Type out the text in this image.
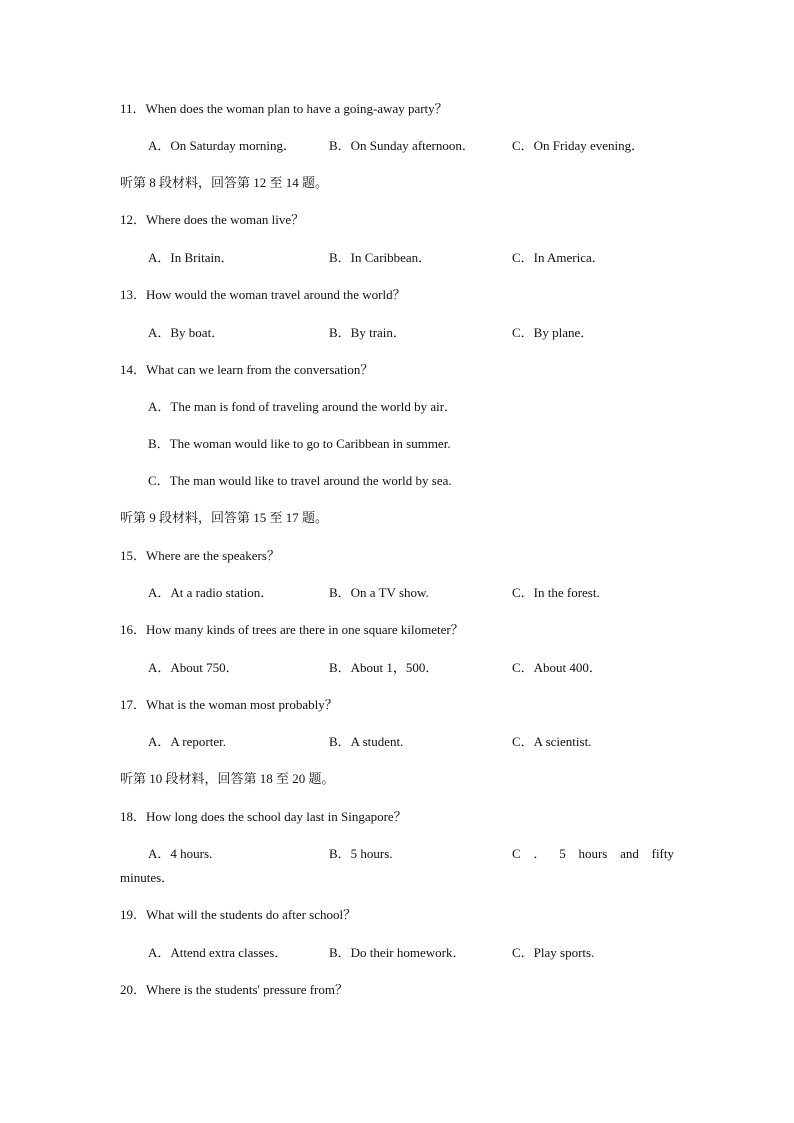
11．When does the woman plan to have a going-away party？
A．On Saturday morning．	B．On Sunday afternoon．	C．On Friday evening．
听第 8 段材料，回答第 12 至 14 题。
12．Where does the woman live？
A．In Britain．	B．In Caribbean．	C．In America．
13．How would the woman travel around the world？
A．By boat．	B．By train．	C．By plane．
14．What can we learn from the conversation？
A．The man is fond of traveling around the world by air．
B．The woman would like to go to Caribbean in summer.
C．The man would like to travel around the world by sea.
听第 9 段材料，回答第 15 至 17 题。
15．Where are the speakers？
A．At a radio station．	B．On a TV show.	C．In the forest.
16．How many kinds of trees are there in one square kilometer？
A．About 750．	B．About 1，500．	C．About 400．
17．What is the woman most probably？
A．A reporter.	B．A student.	C．A scientist.
听第 10 段材料，回答第 18 至 20 题。
18．How long does the school day last in Singapore？
A．4 hours.	B．5 hours.	C ． 5 hours and fifty
minutes．
19．What will the students do after school？
A．Attend extra classes．	B．Do their homework．	C．Play sports.
20．Where is the students' pressure from？
